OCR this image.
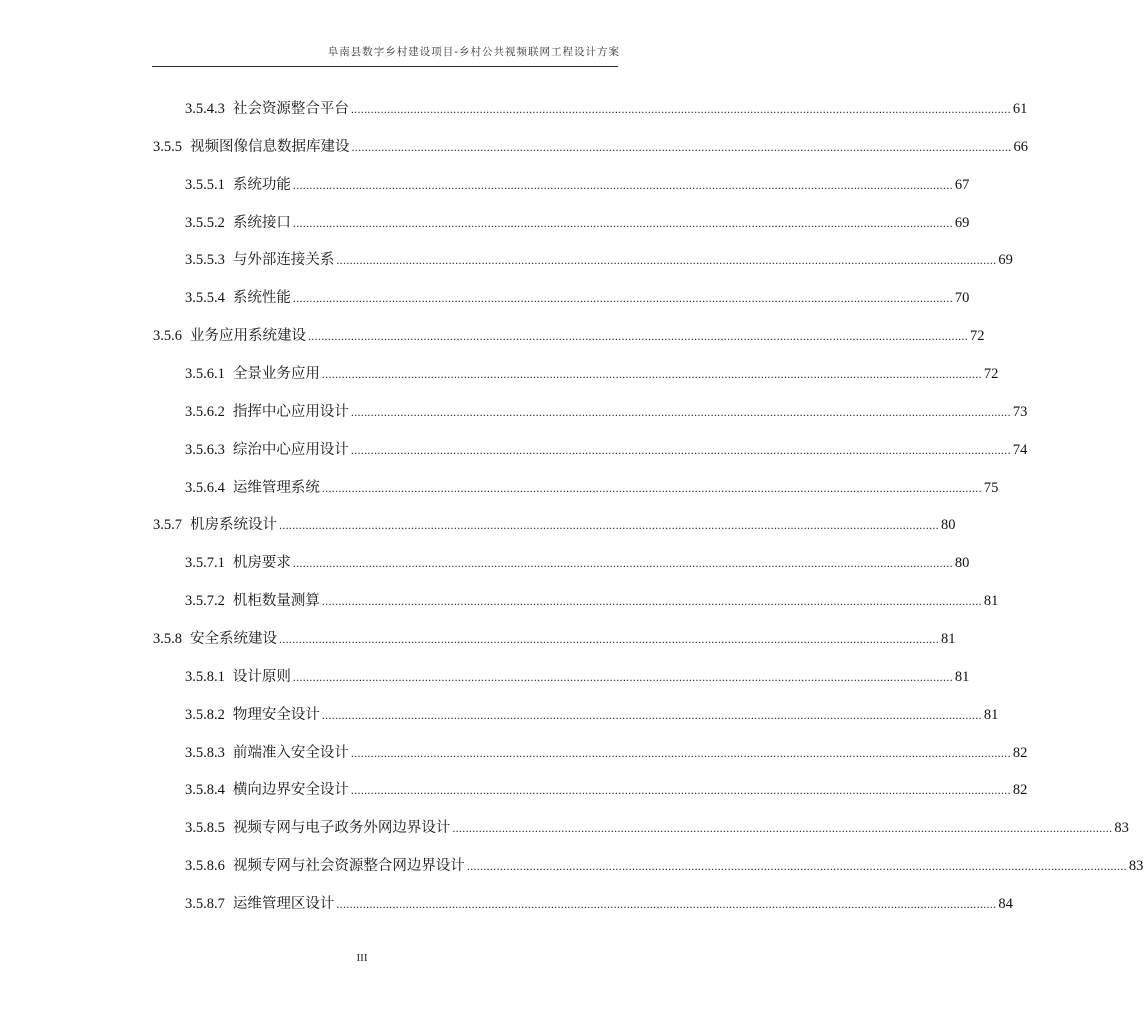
阜南县数字乡村建设项目-乡村公共视频联网工程设计方案
3.5.4.3 社会资源整合平台 ........................................................................................................................................................................................................ 61
3.5.5 视频图像信息数据库建设 ........................................................................................................................................................................................................ 66
3.5.5.1 系统功能 ........................................................................................................................................................................................................ 67
3.5.5.2 系统接口 ........................................................................................................................................................................................................ 69
3.5.5.3 与外部连接关系 ........................................................................................................................................................................................................ 69
3.5.5.4 系统性能 ........................................................................................................................................................................................................ 70
3.5.6 业务应用系统建设 ........................................................................................................................................................................................................ 72
3.5.6.1 全景业务应用 ........................................................................................................................................................................................................ 72
3.5.6.2 指挥中心应用设计 ........................................................................................................................................................................................................ 73
3.5.6.3 综治中心应用设计 ........................................................................................................................................................................................................ 74
3.5.6.4 运维管理系统 ........................................................................................................................................................................................................ 75
3.5.7 机房系统设计 ........................................................................................................................................................................................................ 80
3.5.7.1 机房要求 ........................................................................................................................................................................................................ 80
3.5.7.2 机柜数量测算 ........................................................................................................................................................................................................ 81
3.5.8 安全系统建设 ........................................................................................................................................................................................................ 81
3.5.8.1 设计原则 ........................................................................................................................................................................................................ 81
3.5.8.2 物理安全设计 ........................................................................................................................................................................................................ 81
3.5.8.3 前端准入安全设计 ........................................................................................................................................................................................................ 82
3.5.8.4 横向边界安全设计 ........................................................................................................................................................................................................ 82
3.5.8.5 视频专网与电子政务外网边界设计 ........................................................................................................................................................................................................ 83
3.5.8.6 视频专网与社会资源整合网边界设计 ........................................................................................................................................................................................................ 83
3.5.8.7 运维管理区设计 ........................................................................................................................................................................................................ 84
III
